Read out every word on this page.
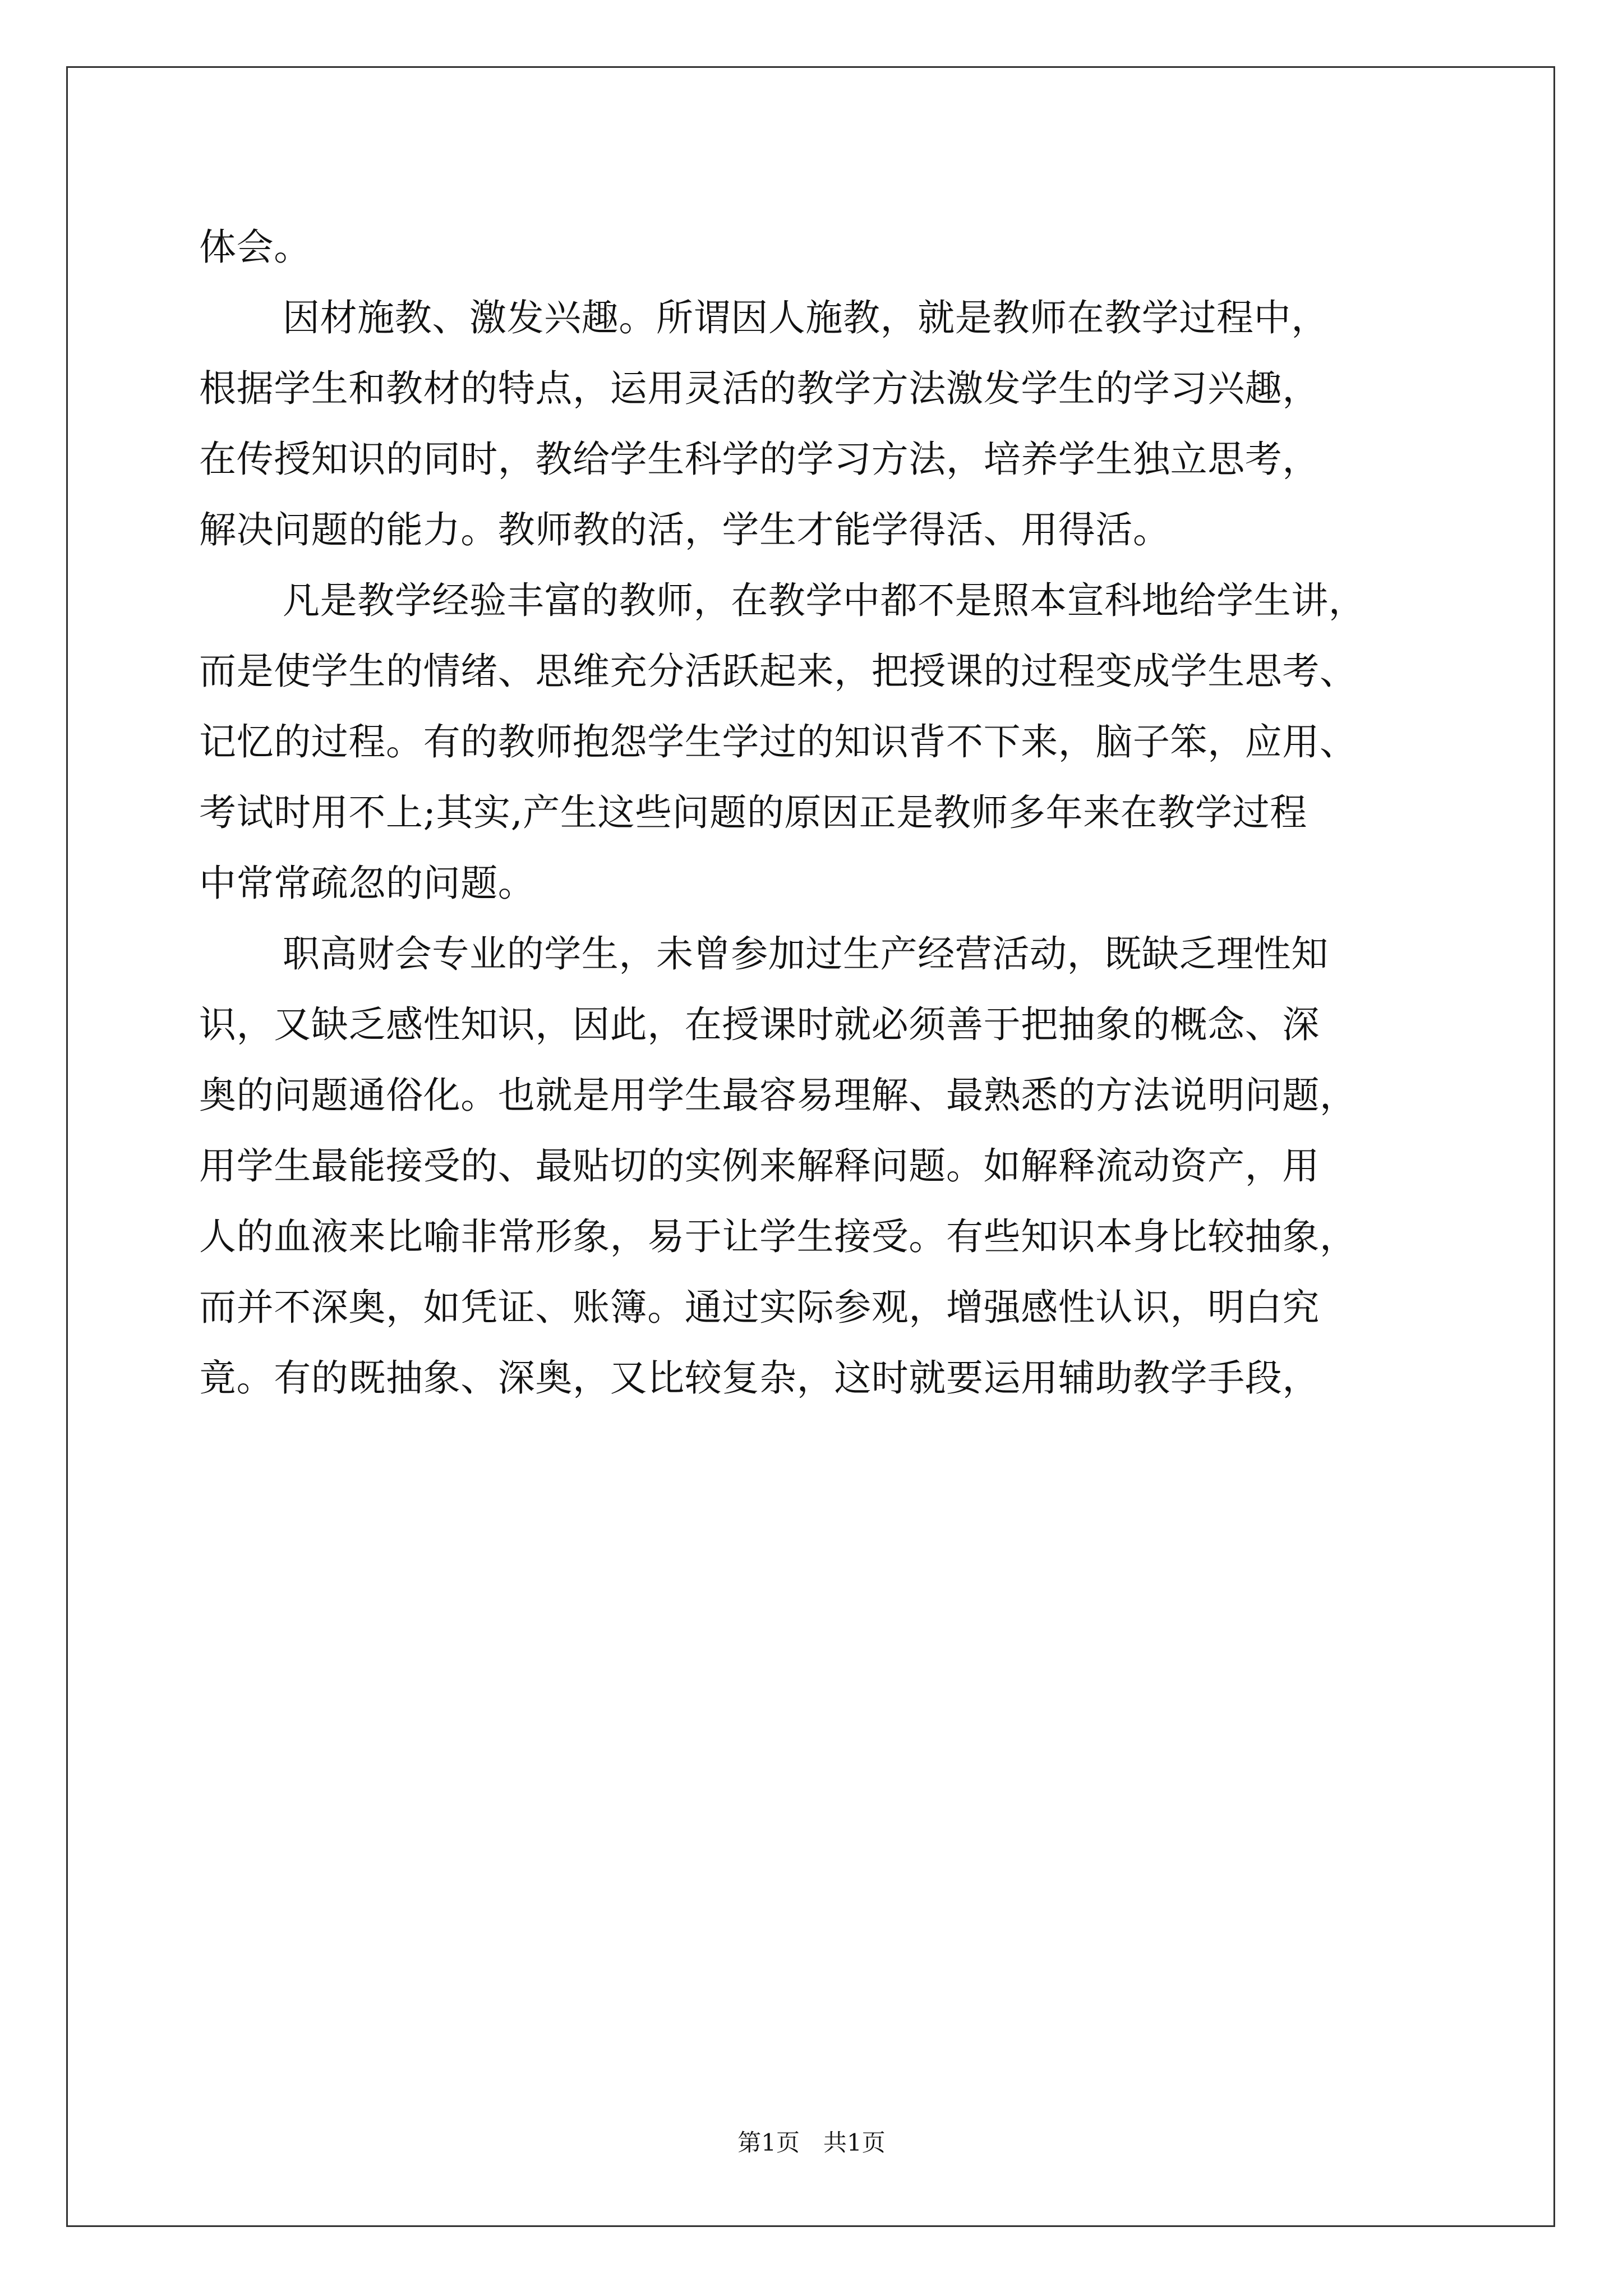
体会。
因材施教、激发兴趣。所谓因人施教，就是教师在教学过程中，
根据学生和教材的特点，运用灵活的教学方法激发学生的学习兴趣，
在传授知识的同时，教给学生科学的学习方法，培养学生独立思考，
解决问题的能力。教师教的活，学生才能学得活、用得活。
凡是教学经验丰富的教师，在教学中都不是照本宣科地给学生讲，
而是使学生的情绪、思维充分活跃起来，把授课的过程变成学生思考、
记忆的过程。有的教师抱怨学生学过的知识背不下来，脑子笨，应用、
考试时用不上;其实,产生这些问题的原因正是教师多年来在教学过程
中常常疏忽的问题。
职高财会专业的学生，未曾参加过生产经营活动，既缺乏理性知
识，又缺乏感性知识，因此，在授课时就必须善于把抽象的概念、深
奥的问题通俗化。也就是用学生最容易理解、最熟悉的方法说明问题，
用学生最能接受的、最贴切的实例来解释问题。如解释流动资产，用
人的血液来比喻非常形象，易于让学生接受。有些知识本身比较抽象，
而并不深奥，如凭证、账簿。通过实际参观，增强感性认识，明白究
竟。有的既抽象、深奥，又比较复杂，这时就要运用辅助教学手段，
第1页　共1页
